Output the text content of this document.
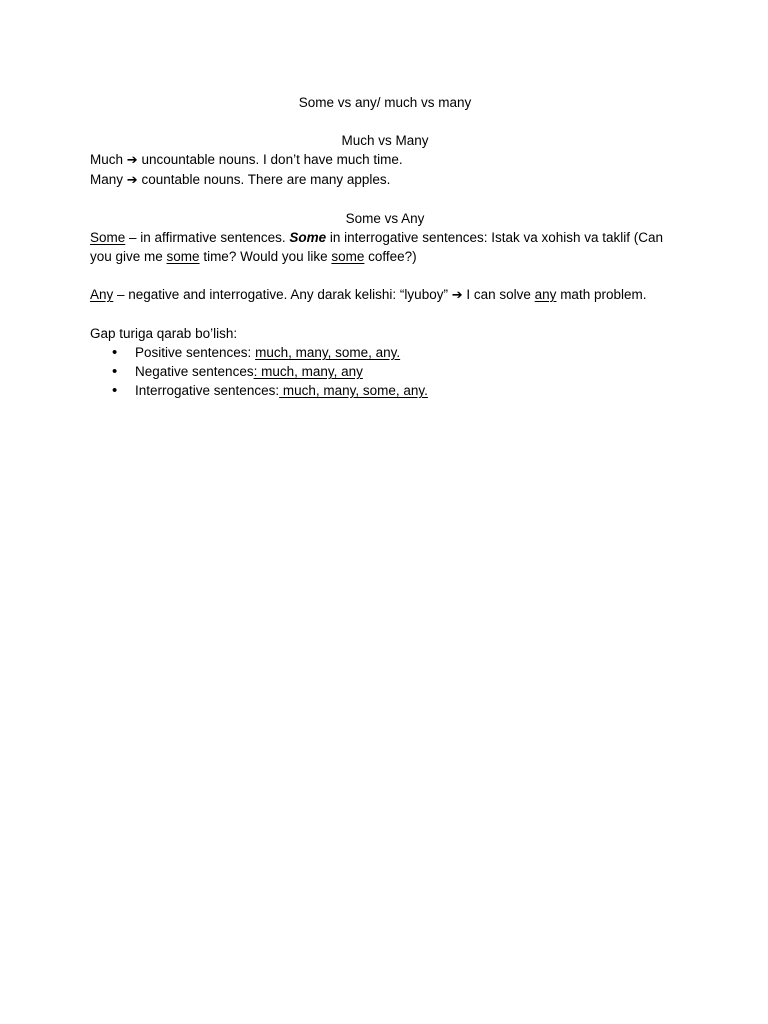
Some vs any/ much vs many
Much vs Many
Much ➔ uncountable nouns. I don’t have much time.
Many ➔ countable nouns. There are many apples.
Some vs Any
Some – in affirmative sentences. Some in interrogative sentences: Istak va xohish va taklif (Can you give me some time? Would you like some coffee?)
Any – negative and interrogative. Any darak kelishi: “lyuboy” ➔ I can solve any math problem.
Gap turiga qarab bo’lish:
• Positive sentences: much, many, some, any.
• Negative sentences: much, many, any
• Interrogative sentences: much, many, some, any.
